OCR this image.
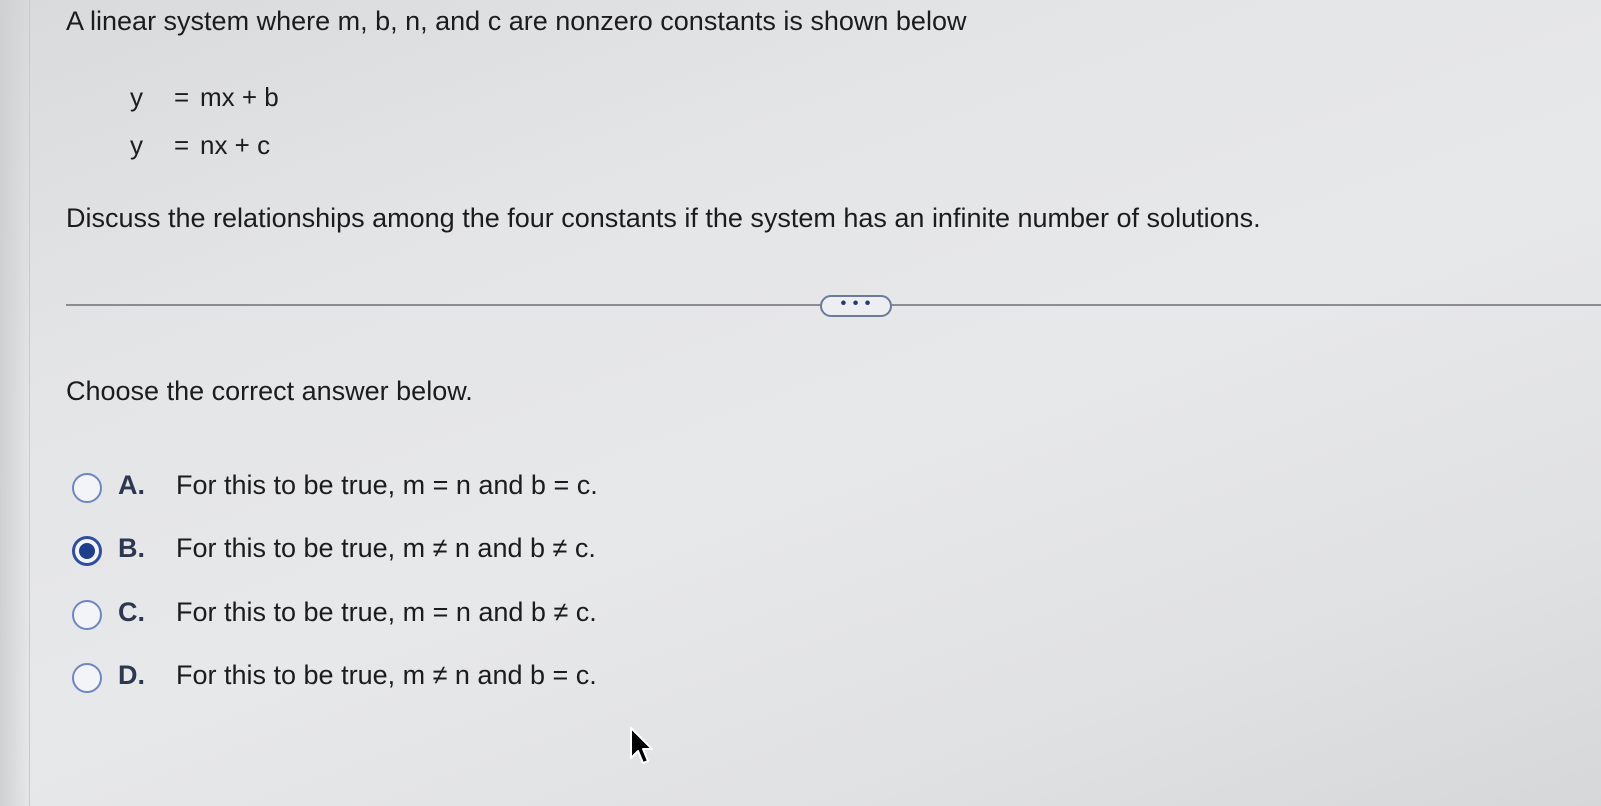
A linear system where m, b, n, and c are nonzero constants is shown below
y = mx + b
y = nx + c
Discuss the relationships among the four constants if the system has an infinite number of solutions.
• • •
Choose the correct answer below.
A. For this to be true, m = n and b = c.
B. For this to be true, m ≠ n and b ≠ c.
C. For this to be true, m = n and b ≠ c.
D. For this to be true, m ≠ n and b = c.
